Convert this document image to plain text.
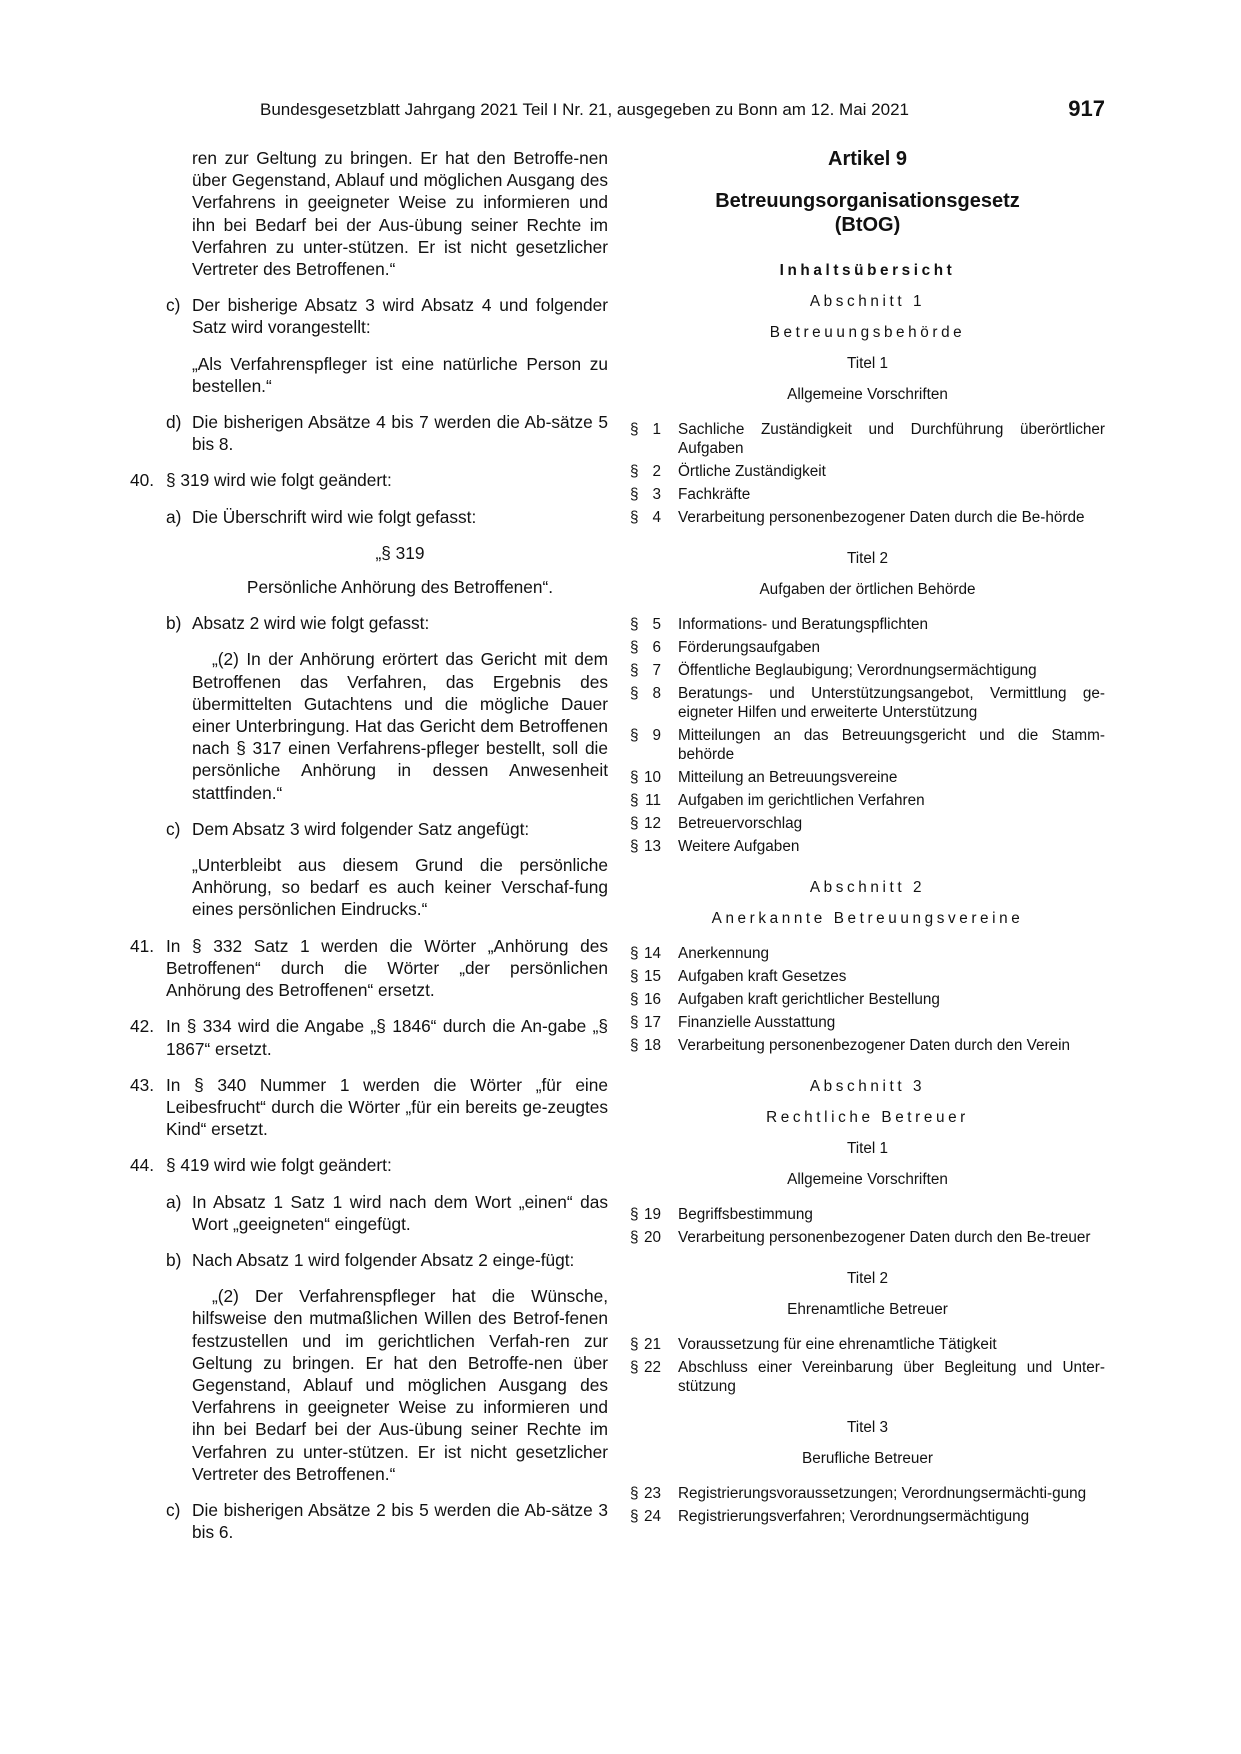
Bundesgesetzblatt Jahrgang 2021 Teil I Nr. 21, ausgegeben zu Bonn am 12. Mai 2021	917

ren zur Geltung zu bringen. Er hat den Betroffe-nen über Gegenstand, Ablauf und möglichen Ausgang des Verfahrens in geeigneter Weise zu informieren und ihn bei Bedarf bei der Aus-übung seiner Rechte im Verfahren zu unter-stützen. Er ist nicht gesetzlicher Vertreter des Betroffenen.“

c) Der bisherige Absatz 3 wird Absatz 4 und folgender Satz wird vorangestellt:

„Als Verfahrenspfleger ist eine natürliche Person zu bestellen.“

d) Die bisherigen Absätze 4 bis 7 werden die Ab-sätze 5 bis 8.

40. § 319 wird wie folgt geändert:

a) Die Überschrift wird wie folgt gefasst:

„§ 319

Persönliche Anhörung des Betroffenen“.

b) Absatz 2 wird wie folgt gefasst:

„(2) In der Anhörung erörtert das Gericht mit dem Betroffenen das Verfahren, das Ergebnis des übermittelten Gutachtens und die mögliche Dauer einer Unterbringung. Hat das Gericht dem Betroffenen nach § 317 einen Verfahrens-pfleger bestellt, soll die persönliche Anhörung in dessen Anwesenheit stattfinden.“

c) Dem Absatz 3 wird folgender Satz angefügt:

„Unterbleibt aus diesem Grund die persönliche Anhörung, so bedarf es auch keiner Verschaf-fung eines persönlichen Eindrucks.“

41. In § 332 Satz 1 werden die Wörter „Anhörung des Betroffenen“ durch die Wörter „der persönlichen Anhörung des Betroffenen“ ersetzt.

42. In § 334 wird die Angabe „§ 1846“ durch die An-gabe „§ 1867“ ersetzt.

43. In § 340 Nummer 1 werden die Wörter „für eine Leibesfrucht“ durch die Wörter „für ein bereits ge-zeugtes Kind“ ersetzt.

44. § 419 wird wie folgt geändert:

a) In Absatz 1 Satz 1 wird nach dem Wort „einen“ das Wort „geeigneten“ eingefügt.

b) Nach Absatz 1 wird folgender Absatz 2 einge-fügt:

„(2) Der Verfahrenspfleger hat die Wünsche, hilfsweise den mutmaßlichen Willen des Betrof-fenen festzustellen und im gerichtlichen Verfah-ren zur Geltung zu bringen. Er hat den Betroffe-nen über Gegenstand, Ablauf und möglichen Ausgang des Verfahrens in geeigneter Weise zu informieren und ihn bei Bedarf bei der Aus-übung seiner Rechte im Verfahren zu unter-stützen. Er ist nicht gesetzlicher Vertreter des Betroffenen.“

c) Die bisherigen Absätze 2 bis 5 werden die Ab-sätze 3 bis 6.

Artikel 9
Betreuungsorganisationsgesetz
(BtOG)
Inhaltsübersicht
Abschnitt 1
Betreuungsbehörde
Titel 1
Allgemeine Vorschriften
§ 1 Sachliche Zuständigkeit und Durchführung überörtlicher Aufgaben
§ 2 Örtliche Zuständigkeit
§ 3 Fachkräfte
§ 4 Verarbeitung personenbezogener Daten durch die Be-hörde
Titel 2
Aufgaben der örtlichen Behörde
§ 5 Informations- und Beratungspflichten
§ 6 Förderungsaufgaben
§ 7 Öffentliche Beglaubigung; Verordnungsermächtigung
§ 8 Beratungs- und Unterstützungsangebot, Vermittlung ge-eigneter Hilfen und erweiterte Unterstützung
§ 9 Mitteilungen an das Betreuungsgericht und die Stamm-behörde
§ 10 Mitteilung an Betreuungsvereine
§ 11 Aufgaben im gerichtlichen Verfahren
§ 12 Betreuervorschlag
§ 13 Weitere Aufgaben
Abschnitt 2
Anerkannte Betreuungsvereine
§ 14 Anerkennung
§ 15 Aufgaben kraft Gesetzes
§ 16 Aufgaben kraft gerichtlicher Bestellung
§ 17 Finanzielle Ausstattung
§ 18 Verarbeitung personenbezogener Daten durch den Verein
Abschnitt 3
Rechtliche Betreuer
Titel 1
Allgemeine Vorschriften
§ 19 Begriffsbestimmung
§ 20 Verarbeitung personenbezogener Daten durch den Be-treuer
Titel 2
Ehrenamtliche Betreuer
§ 21 Voraussetzung für eine ehrenamtliche Tätigkeit
§ 22 Abschluss einer Vereinbarung über Begleitung und Unter-stützung
Titel 3
Berufliche Betreuer
§ 23 Registrierungsvoraussetzungen; Verordnungsermächti-gung
§ 24 Registrierungsverfahren; Verordnungsermächtigung
